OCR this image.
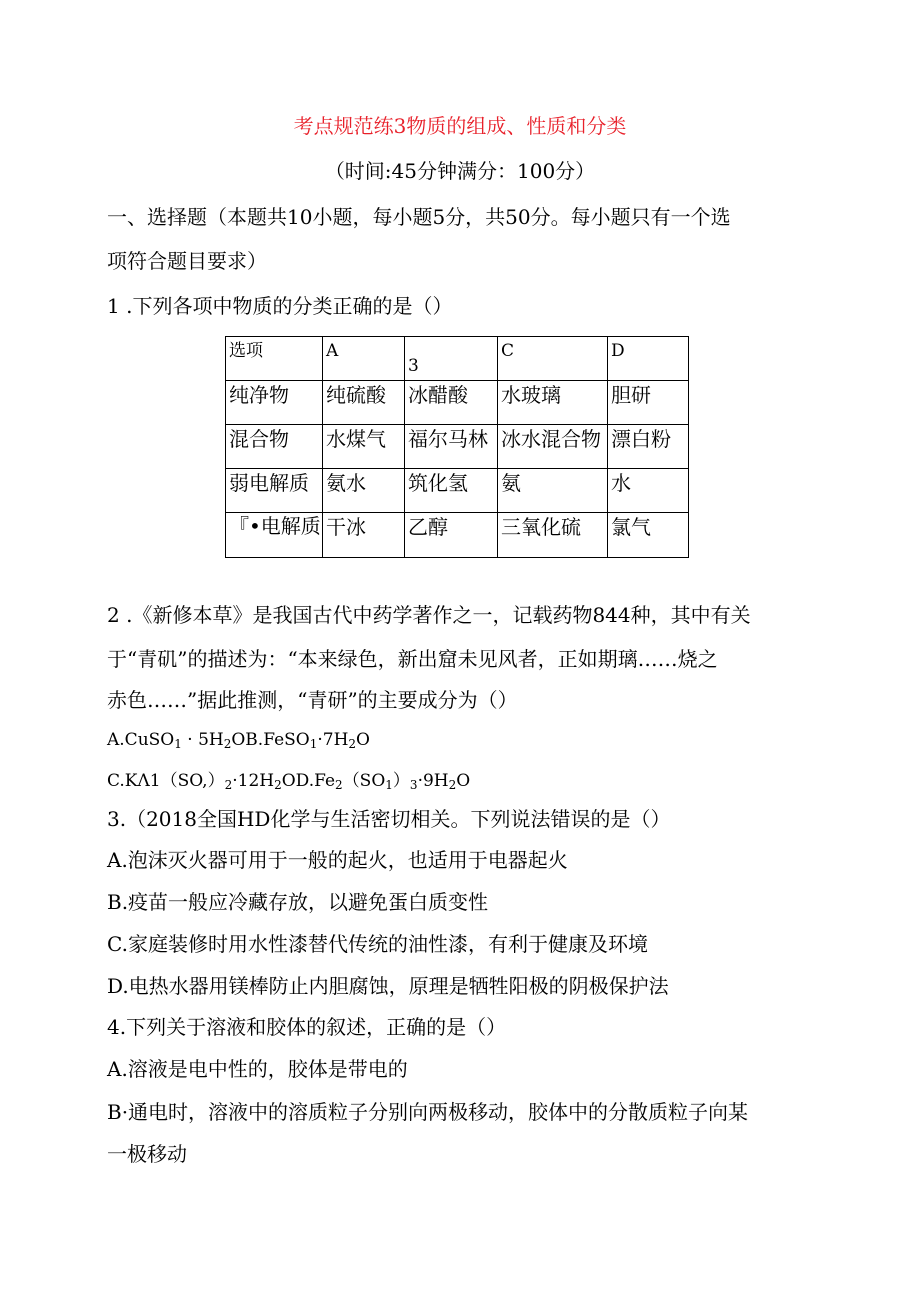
考点规范练3物质的组成、性质和分类
（时间:45分钟满分：100分）
一、选择题（本题共10小题，每小题5分，共50分。每小题只有一个选
项符合题目要求）
1 .下列各项中物质的分类正确的是（）
选项	A	3	C	D
纯净物	纯硫酸	冰醋酸	水玻璃	胆研
混合物	水煤气	福尔马林	冰水混合物	漂白粉
弱电解质	氨水	筑化氢	氨	水
『•电解质	干冰	乙醇	三氧化硫	氯气
2 .《新修本草》是我国古代中药学著作之一，记载药物844种，其中有关
于“青矶”的描述为：“本来绿色，新出窟未见风者，正如期璃……烧之
赤色……”据此推测，“青研”的主要成分为（）
A.CuSO$_1$ · $5H_2OB.FeSO_1\cdot 7H_2O$
$C.K\Lambda 1(SO,)_2\cdot 12H_2OD.Fe_2(SO_1)_3\cdot 9H_2O$
3.（2018全国HD化学与生活密切相关。下列说法错误的是（）
A.泡沫灭火器可用于一般的起火，也适用于电器起火
B.疫苗一般应冷藏存放，以避免蛋白质变性
C.家庭装修时用水性漆替代传统的油性漆，有利于健康及环境
D.电热水器用镁棒防止内胆腐蚀，原理是牺牲阳极的阴极保护法
4.下列关于溶液和胶体的叙述，正确的是（）
A.溶液是电中性的，胶体是带电的
B·通电时，溶液中的溶质粒子分别向两极移动，胶体中的分散质粒子向某
一极移动
